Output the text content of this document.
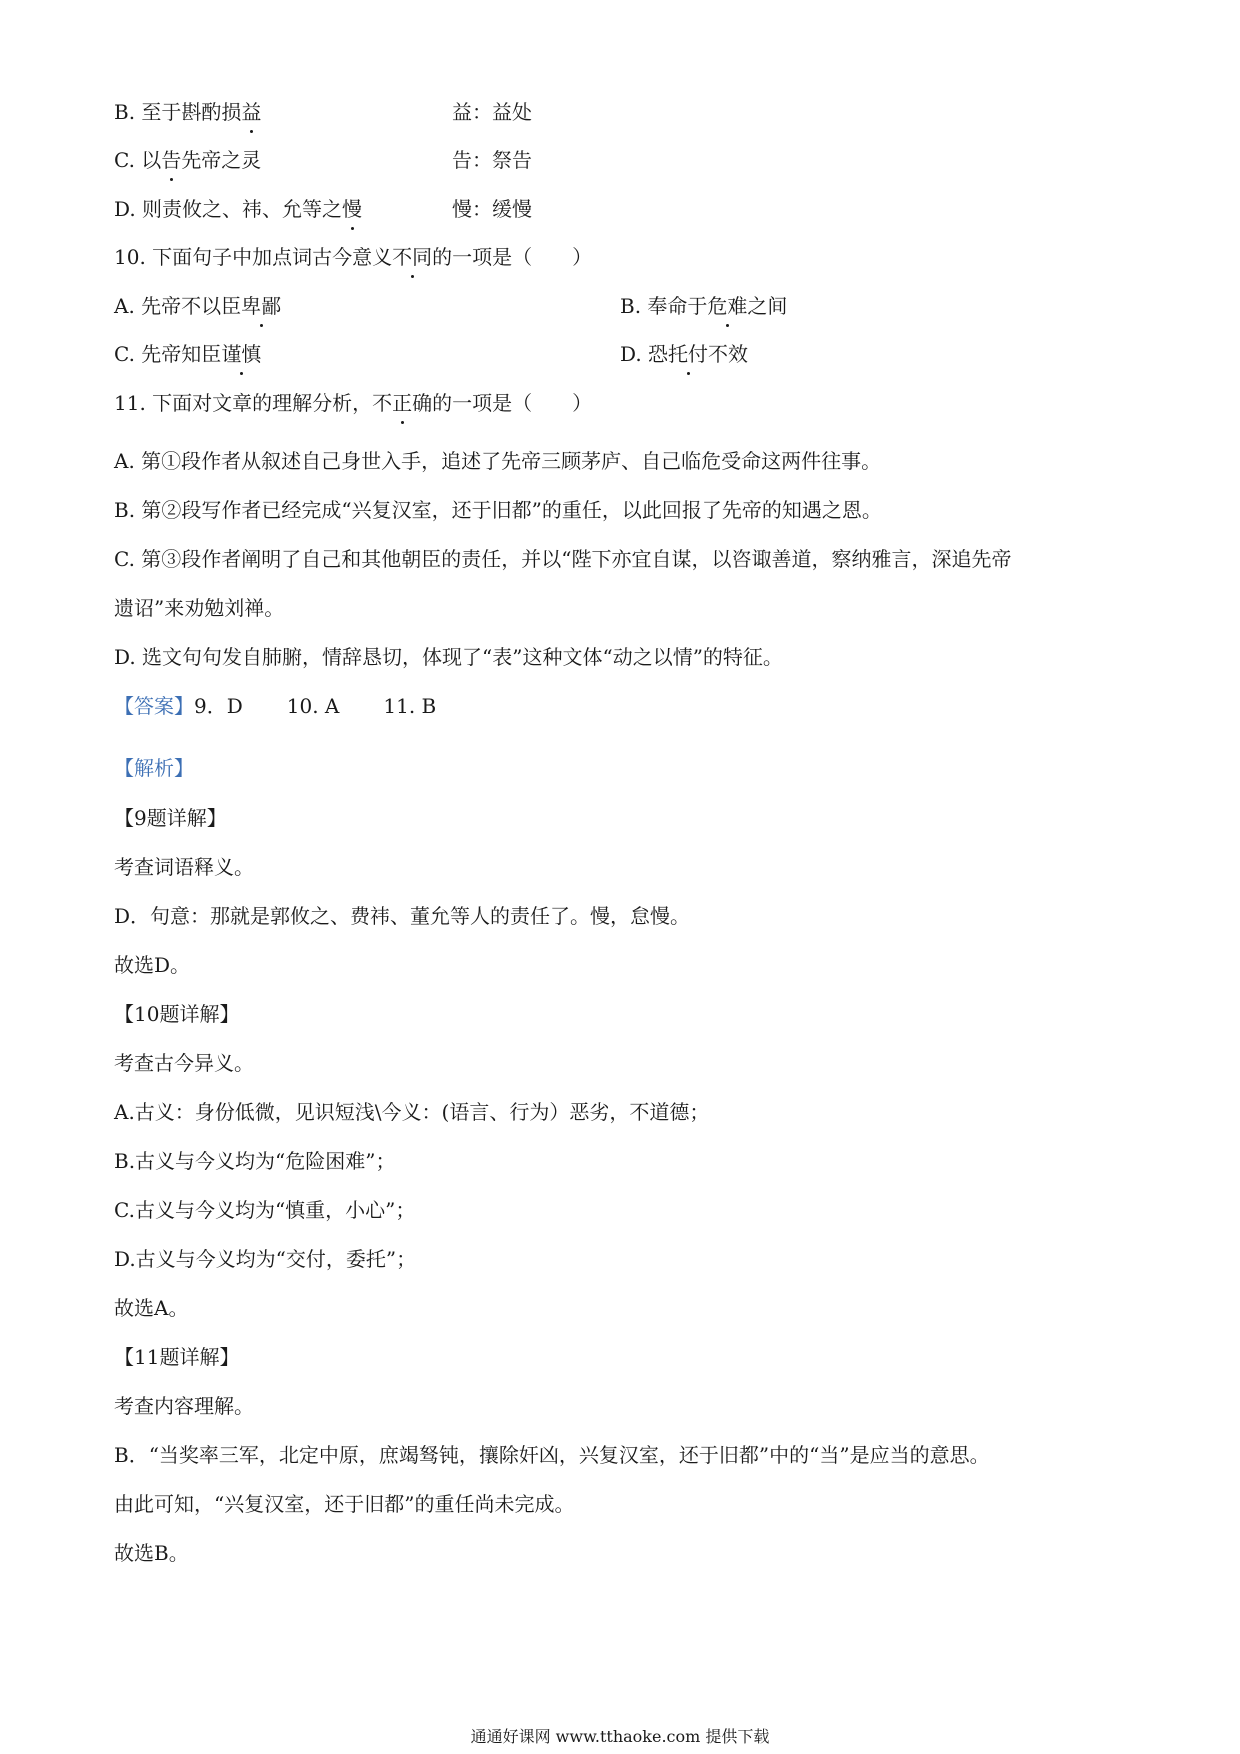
B. 至于斟酌损益	益：益处
C. 以告先帝之灵	告：祭告
D. 则责攸之、祎、允等之慢	慢：缓慢
10. 下面句子中加点词古今意义不同的一项是（　　）
A. 先帝不以臣卑鄙	B. 奉命于危难之间
C. 先帝知臣谨慎	D. 恐托付不效
11. 下面对文章的理解分析，不正确的一项是（　　）
A. 第①段作者从叙述自己身世入手，追述了先帝三顾茅庐、自己临危受命这两件往事。
B. 第②段写作者已经完成“兴复汉室，还于旧都”的重任，以此回报了先帝的知遇之恩。
C. 第③段作者阐明了自己和其他朝臣的责任，并以“陛下亦宜自谋，以咨诹善道，察纳雅言，深追先帝
遗诏”来劝勉刘禅。
D. 选文句句发自肺腑，情辞恳切，体现了“表”这种文体“动之以情”的特征。
【答案】9．D 10. A 11. B
【解析】
【9题详解】
考查词语释义。
D．句意：那就是郭攸之、费祎、董允等人的责任了。慢，怠慢。
故选D。
【10题详解】
考查古今异义。
A.古义：身份低微，见识短浅\今义：(语言、行为）恶劣，不道德；
B.古义与今义均为“危险困难”；
C.古义与今义均为“慎重，小心”；
D.古义与今义均为“交付，委托”；
故选A。
【11题详解】
考查内容理解。
B．“当奖率三军，北定中原，庶竭驽钝，攘除奸凶，兴复汉室，还于旧都”中的“当”是应当的意思。
由此可知，“兴复汉室，还于旧都”的重任尚未完成。
故选B。
通通好课网 www.tthaoke.com 提供下载
